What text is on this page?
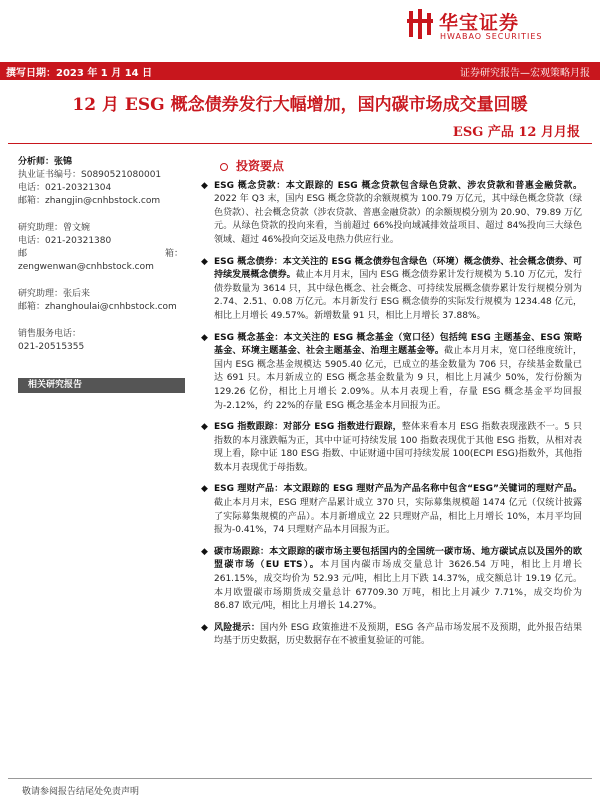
华宝证券
HWABAO SECURITIES
撰写日期：2023 年 1 月 14 日	证券研究报告—宏观策略月报
12 月 ESG 概念债券发行大幅增加，国内碳市场成交量回暖
ESG 产品 12 月月报
分析师：张锦
执业证书编号：S0890521080001
电话：021-20321304
邮箱：zhangjin@cnhbstock.com
研究助理：曾文婉
电话：021-20321380
邮	箱：
zengwenwan@cnhbstock.com
研究助理：张后来
邮箱：zhanghoulai@cnhbstock.com
销售服务电话：
021-20515355
相关研究报告
投资要点
◆ ESG 概念贷款：本文跟踪的 ESG 概念贷款包含绿色贷款、涉农贷款和普惠金融贷款。2022 年 Q3 末，国内 ESG 概念贷款的余额规模为 100.79 万亿元，其中绿色概念贷款（绿色贷款）、社会概念贷款（涉农贷款、普惠金融贷款）的余额规模分别为 20.90、79.89 万亿元。从绿色贷款的投向来看，当前超过 66%投向域减排效益项目、超过 84%投向三大绿色领域、超过 46%投向交运及电热力供应行业。
◆ ESG 概念债券：本文关注的 ESG 概念债券包含绿色（环境）概念债券、社会概念债券、可持续发展概念债券。截止本月月末，国内 ESG 概念债券累计发行规模为 5.10 万亿元，发行债券数量为 3614 只，其中绿色概念、社会概念、可持续发展概念债券累计发行规模分别为 2.74、2.51、0.08 万亿元。本月新发行 ESG 概念债券的实际发行规模为 1234.48 亿元，相比上月增长 49.57%。新增数量 91 只，相比上月增长 37.88%。
◆ ESG 概念基金：本文关注的 ESG 概念基金（宽口径）包括纯 ESG 主题基金、ESG 策略基金、环境主题基金、社会主题基金、治理主题基金等。截止本月月末，宽口径维度统计，国内 ESG 概念基金规模达 5905.40 亿元，已成立的基金数量为 706 只，存续基金数量已达 691 只。本月新成立的 ESG 概念基金数量为 9 只，相比上月减少 50%，发行份额为 129.26 亿份，相比上月增长 2.09%。从本月表现上看，存量 ESG 概念基金平均回报为-2.12%，约 22%的存量 ESG 概念基金本月回报为正。
◆ ESG 指数跟踪：对部分 ESG 指数进行跟踪，整体来看本月 ESG 指数表现涨跌不一。5 只指数的本月涨跌幅为正，其中中证可持续发展 100 指数表现优于其他 ESG 指数，从相对表现上看，除中证 180 ESG 指数、中证财通中国可持续发展 100(ECPI ESG)指数外，其他指数本月表现优于母指数。
◆ ESG 理财产品：本文跟踪的 ESG 理财产品为产品名称中包含“ESG”关键词的理财产品。截止本月月末，ESG 理财产品累计成立 370 只，实际募集规模超 1474 亿元（仅统计披露了实际募集规模的产品）。本月新增成立 22 只理财产品，相比上月增长 10%，本月平均回报为-0.41%，74 只理财产品本月回报为正。
◆ 碳市场跟踪：本文跟踪的碳市场主要包括国内的全国统一碳市场、地方碳试点以及国外的欧盟碳市场（EU ETS）。本月国内碳市场成交量总计 3626.54 万吨，相比上月增长 261.15%，成交均价为 52.93 元/吨，相比上月下跌 14.37%，成交额总计 19.19 亿元。本月欧盟碳市场期货成交量总计 67709.30 万吨，相比上月减少 7.71%，成交均价为 86.87 欧元/吨，相比上月增长 14.27%。
◆ 风险提示：国内外 ESG 政策推进不及预期，ESG 各产品市场发展不及预期，此外报告结果均基于历史数据，历史数据存在不被重复验证的可能。
敬请参阅报告结尾处免责声明
